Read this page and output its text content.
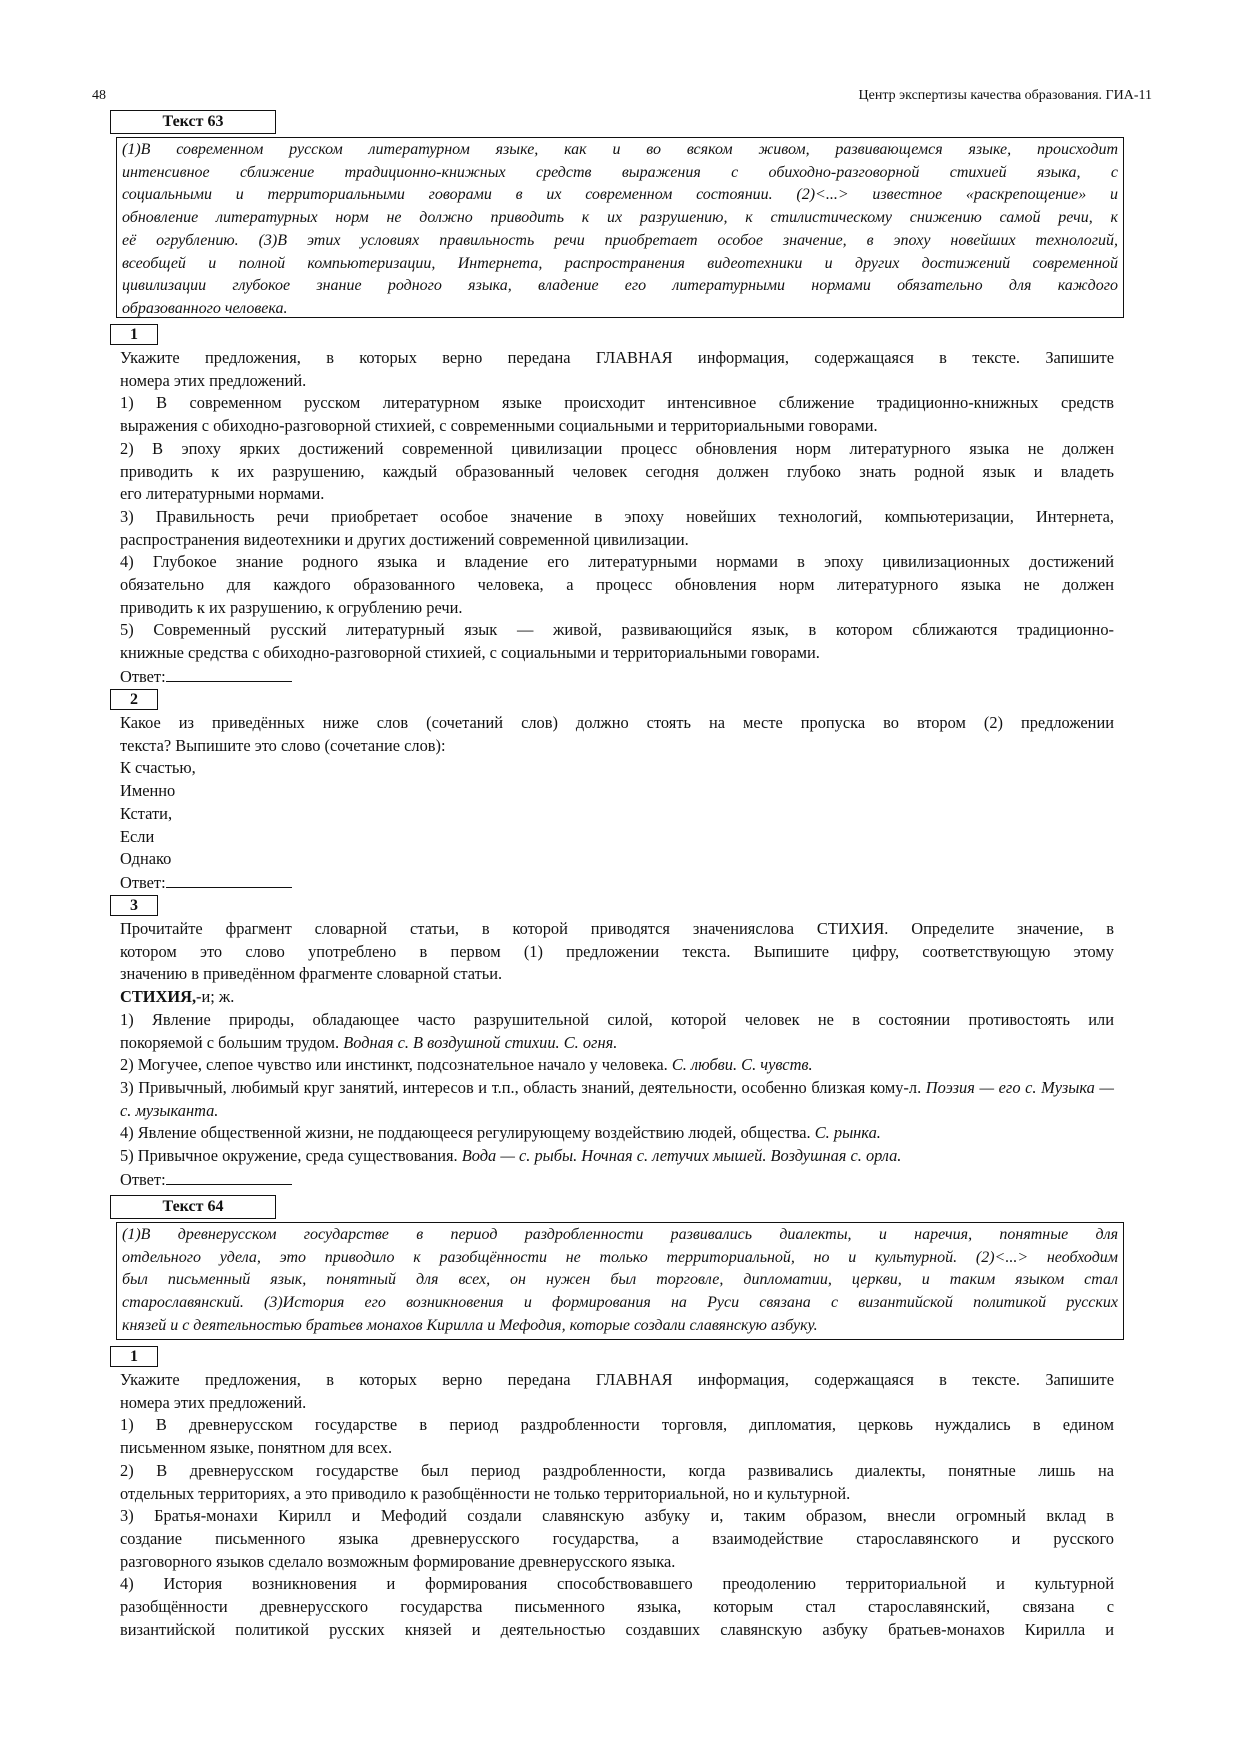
48	Центр экспертизы качества образования. ГИА-11
Текст 63
(1)В современном русском литературном языке, как и во всяком живом, развивающемся языке, происходит
интенсивное сближение традиционно-книжных средств выражения с обиходно-разговорной стихией языка, с
социальными и территориальными говорами в их современном состоянии. (2)<...> известное «раскрепощение» и
обновление литературных норм не должно приводить к их разрушению, к стилистическому снижению самой речи, к
её огрублению. (3)В этих условиях правильность речи приобретает особое значение, в эпоху новейших технологий,
всеобщей и полной компьютеризации, Интернета, распространения видеотехники и других достижений современной
цивилизации глубокое знание родного языка, владение его литературными нормами обязательно для каждого
образованного человека.
1

Укажите предложения, в которых верно передана ГЛАВНАЯ информация, содержащаяся в тексте. Запишите

номера этих предложений.

1) В современном русском литературном языке происходит интенсивное сближение традиционно-книжных средств

выражения с обиходно-разговорной стихией, с современными социальными и территориальными говорами.

2) В эпоху ярких достижений современной цивилизации процесс обновления норм литературного языка не должен

приводить к их разрушению, каждый образованный человек сегодня должен глубоко знать родной язык и владеть

его литературными нормами.

3) Правильность речи приобретает особое значение в эпоху новейших технологий, компьютеризации, Интернета,

распространения видеотехники и других достижений современной цивилизации.

4) Глубокое знание родного языка и владение его литературными нормами в эпоху цивилизационных достижений

обязательно для каждого образованного человека, а процесс обновления норм литературного языка не должен

приводить к их разрушению, к огрублению речи.

5) Современный русский литературный язык — живой, развивающийся язык, в котором сближаются традиционно-

книжные средства с обиходно-разговорной стихией, с социальными и территориальными говорами.

Ответ:

2

Какое из приведённых ниже слов (сочетаний слов) должно стоять на месте пропуска во втором (2) предложении

текста? Выпишите это слово (сочетание слов):

К счастью,

Именно

Кстати,

Если

Однако

Ответ:

3

Прочитайте фрагмент словарной статьи, в которой приводятся значениясловa СТИХИЯ. Определите значение, в

котором это слово употреблено в первом (1) предложении текста. Выпишите цифру, соответствующую этому

значению в приведённом фрагменте словарной статьи.

СТИХИЯ,-и; ж.

1) Явление природы, обладающее часто разрушительной силой, которой человек не в состоянии противостоять или

покоряемой с большим трудом. Водная с. В воздушной стихии. С. огня.

2) Могучее, слепое чувство или инстинкт, подсознательное начало у человека. С. любви. С. чувств.

3) Привычный, любимый круг занятий, интересов и т.п., область знаний, деятельности, особенно близкая кому-л. Поэзия — его с. Музыка — с. музыканта.

4) Явление общественной жизни, не поддающееся регулирующему воздействию людей, общества. С. рынка.

5) Привычное окружение, среда существования. Вода — с. рыбы. Ночная с. летучих мышей. Воздушная с. орла.

Ответ:

Текст 64
(1)В древнерусском государстве в период раздробленности развивались диалекты, и наречия, понятные для
отдельного удела, это приводило к разобщённости не только территориальной, но и культурной. (2)<...> необходим
был письменный язык, понятный для всех, он нужен был торговле, дипломатии, церкви, и таким языком стал
старославянский. (3)История его возникновения и формирования на Руси связана с византийской политикой русских
князей и с деятельностью братьев монахов Кирилла и Мефодия, которые создали славянскую азбуку.
1

Укажите предложения, в которых верно передана ГЛАВНАЯ информация, содержащаяся в тексте. Запишите

номера этих предложений.

1) В древнерусском государстве в период раздробленности торговля, дипломатия, церковь нуждались в едином

письменном языке, понятном для всех.

2) В древнерусском государстве был период раздробленности, когда развивались диалекты, понятные лишь на

отдельных территориях, а это приводило к разобщённости не только территориальной, но и культурной.

3) Братья-монахи Кирилл и Мефодий создали славянскую азбуку и, таким образом, внесли огромный вклад в

создание письменного языка древнерусского государства, а взаимодействие старославянского и русского

разговорного языков сделало возможным формирование древнерусского языка.

4) История возникновения и формирования способствовавшего преодолению территориальной и культурной

разобщённости древнерусского государства письменного языка, которым стал старославянский, связана с

византийской политикой русских князей и деятельностью создавших славянскую азбуку братьев-монахов Кирилла и
